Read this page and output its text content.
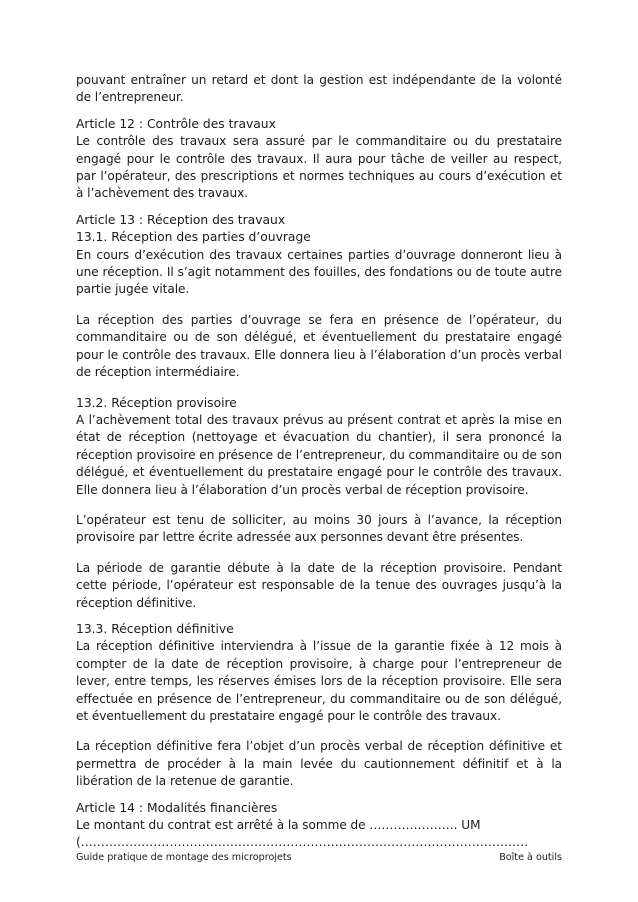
pouvant entraîner un retard et dont la gestion est indépendante de la volonté de l’entrepreneur.

Article 12 : Contrôle des travaux

Le contrôle des travaux sera assuré par le commanditaire ou du prestataire engagé pour le contrôle des travaux. Il aura pour tâche de veiller au respect, par l’opérateur, des prescriptions et normes techniques au cours d’exécution et à l’achèvement des travaux.

Article 13 : Réception des travaux

13.1. Réception des parties d’ouvrage

En cours d’exécution des travaux certaines parties d’ouvrage donneront lieu à une réception. Il s’agit notamment des fouilles, des fondations ou de toute autre partie jugée vitale.

La réception des parties d’ouvrage se fera en présence de l’opérateur, du commanditaire ou de son délégué, et éventuellement du prestataire engagé pour le contrôle des travaux. Elle donnera lieu à l’élaboration d’un procès verbal de réception intermédiaire.

13.2. Réception provisoire

A l’achèvement total des travaux prévus au présent contrat et après la mise en état de réception (nettoyage et évacuation du chantier), il sera prononcé la réception provisoire en présence de l’entrepreneur, du commanditaire ou de son délégué, et éventuellement du prestataire engagé pour le contrôle des travaux. Elle donnera lieu à l’élaboration d’un procès verbal de réception provisoire.

L’opérateur est tenu de solliciter, au moins 30 jours à l’avance, la réception provisoire par lettre écrite adressée aux personnes devant être présentes.

La période de garantie débute à la date de la réception provisoire. Pendant cette période, l’opérateur est responsable de la tenue des ouvrages jusqu’à la réception définitive.

13.3. Réception définitive

La réception définitive interviendra à l’issue de la garantie fixée à 12 mois à compter de la date de réception provisoire, à charge pour l’entrepreneur de lever, entre temps, les réserves émises lors de la réception provisoire. Elle sera effectuée en présence de l’entrepreneur, du commanditaire ou de son délégué, et éventuellement du prestataire engagé pour le contrôle des travaux.

La réception définitive fera l’objet d’un procès verbal de réception définitive et permettra de procéder à la main levée du cautionnement définitif et à la libération de la retenue de garantie.

Article 14 : Modalités financières

Le montant du contrat est arrêté à la somme de …………………. UM

(…………………………………………………………………………………………………

Guide pratique de montage des microprojets	Boîte à outils
